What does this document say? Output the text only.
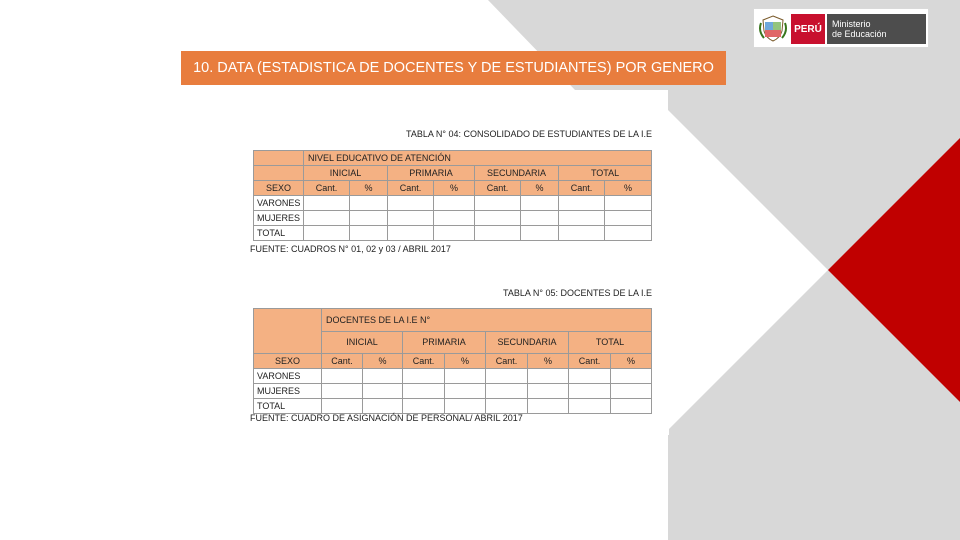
PERÚ	Ministerio
de Educación
10. DATA (ESTADISTICA DE DOCENTES Y DE ESTUDIANTES) POR GENERO
TABLA N° 04: CONSOLIDADO DE ESTUDIANTES DE LA I.E
	NIVEL EDUCATIVO DE ATENCIÓN							
	INICIAL		PRIMARIA		SECUNDARIA		TOTAL	
SEXO	Cant.	%	Cant.	%	Cant.	%	Cant.	%
VARONES								
MUJERES								
TOTAL								
FUENTE: CUADROS N° 01, 02 y 03 / ABRIL 2017
TABLA N° 05: DOCENTES DE LA I.E
	DOCENTES DE LA I.E N°							
	INICIAL		PRIMARIA		SECUNDARIA		TOTAL	
SEXO	Cant.	%	Cant.	%	Cant.	%	Cant.	%
VARONES								
MUJERES								
TOTAL								
FUENTE: CUADRO DE ASIGNACIÓN DE PERSONAL/ ABRIL 2017
